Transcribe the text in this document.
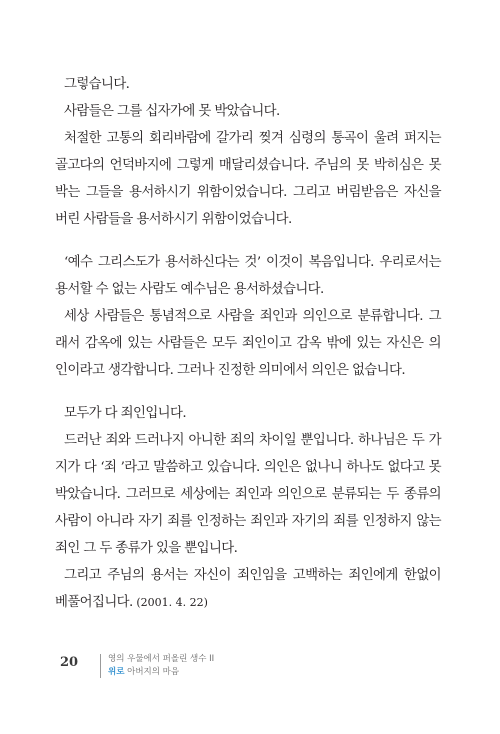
그렇습니다.
사람들은 그를 십자가에 못 박았습니다.
처절한 고통의 회리바람에 갈가리 찢겨 심령의 통곡이 울려 퍼지는
골고다의 언덕바지에 그렇게 매달리셨습니다. 주님의 못 박히심은 못
박는 그들을 용서하시기 위함이었습니다. 그리고 버림받음은 자신을
버린 사람들을 용서하시기 위함이었습니다.
‘예수 그리스도가 용서하신다는 것’ 이것이 복음입니다. 우리로서는
용서할 수 없는 사람도 예수님은 용서하셨습니다.
세상 사람들은 통념적으로 사람을 죄인과 의인으로 분류합니다. 그
래서 감옥에 있는 사람들은 모두 죄인이고 감옥 밖에 있는 자신은 의
인이라고 생각합니다. 그러나 진정한 의미에서 의인은 없습니다.
모두가 다 죄인입니다.
드러난 죄와 드러나지 아니한 죄의 차이일 뿐입니다. 하나님은 두 가
지가 다 ‘죄 ’라고 말씀하고 있습니다. 의인은 없나니 하나도 없다고 못
박았습니다. 그러므로 세상에는 죄인과 의인으로 분류되는 두 종류의
사람이 아니라 자기 죄를 인정하는 죄인과 자기의 죄를 인정하지 않는
죄인 그 두 종류가 있을 뿐입니다.
그리고 주님의 용서는 자신이 죄인임을 고백하는 죄인에게 한없이
베풀어집니다. (2001. 4. 22)
20	영의 우물에서 퍼올린 생수 II
위로 아버지의 마음
